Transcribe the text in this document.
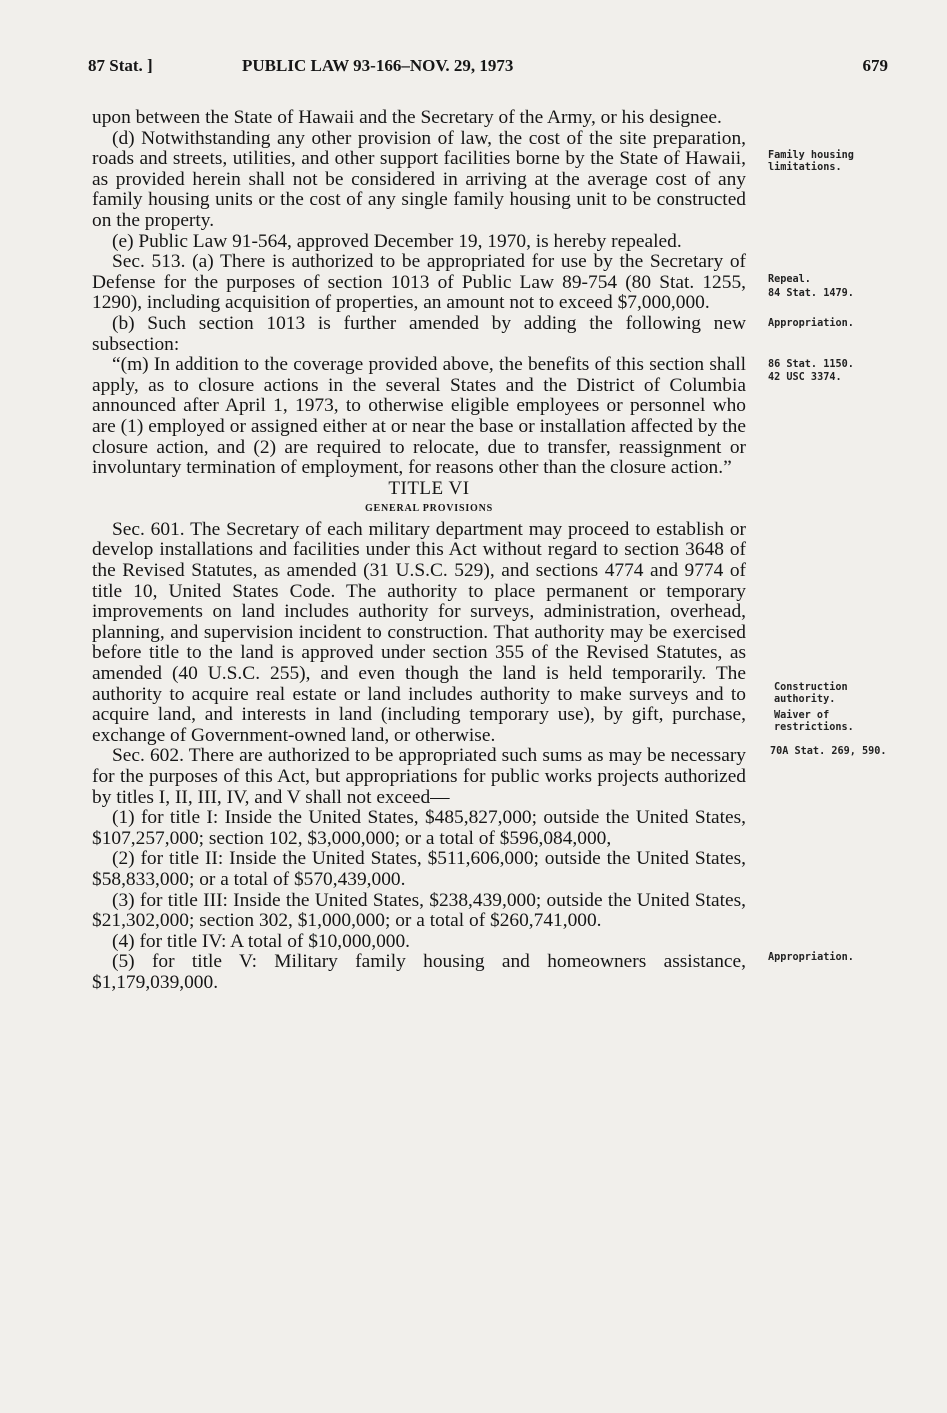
87 Stat. ]	PUBLIC LAW 93-166–NOV. 29, 1973	679

upon between the State of Hawaii and the Secretary of the Army, or his designee.

(d) Notwithstanding any other provision of law, the cost of the site preparation, roads and streets, utilities, and other support facilities borne by the State of Hawaii, as provided herein shall not be considered in arriving at the average cost of any family housing units or the cost of any single family housing unit to be constructed on the property.

(e) Public Law 91-564, approved December 19, 1970, is hereby repealed.

Sec. 513. (a) There is authorized to be appropriated for use by the Secretary of Defense for the purposes of section 1013 of Public Law 89-754 (80 Stat. 1255, 1290), including acquisition of properties, an amount not to exceed $7,000,000.

(b) Such section 1013 is further amended by adding the following new subsection:

“(m) In addition to the coverage provided above, the benefits of this section shall apply, as to closure actions in the several States and the District of Columbia announced after April 1, 1973, to otherwise eligible employees or personnel who are (1) employed or assigned either at or near the base or installation affected by the closure action, and (2) are required to relocate, due to transfer, reassignment or involuntary termination of employment, for reasons other than the closure action.”

TITLE VI

GENERAL PROVISIONS

Sec. 601. The Secretary of each military department may proceed to establish or develop installations and facilities under this Act without regard to section 3648 of the Revised Statutes, as amended (31 U.S.C. 529), and sections 4774 and 9774 of title 10, United States Code. The authority to place permanent or temporary improvements on land includes authority for surveys, administration, overhead, planning, and supervision incident to construction. That authority may be exercised before title to the land is approved under section 355 of the Revised Statutes, as amended (40 U.S.C. 255), and even though the land is held temporarily. The authority to acquire real estate or land includes authority to make surveys and to acquire land, and interests in land (including temporary use), by gift, purchase, exchange of Government-owned land, or otherwise.

Sec. 602. There are authorized to be appropriated such sums as may be necessary for the purposes of this Act, but appropriations for public works projects authorized by titles I, II, III, IV, and V shall not exceed—

(1) for title I: Inside the United States, $485,827,000; outside the United States, $107,257,000; section 102, $3,000,000; or a total of $596,084,000,

(2) for title II: Inside the United States, $511,606,000; outside the United States, $58,833,000; or a total of $570,439,000.

(3) for title III: Inside the United States, $238,439,000; outside the United States, $21,302,000; section 302, $1,000,000; or a total of $260,741,000.

(4) for title IV: A total of $10,000,000.

(5) for title V: Military family housing and homeowners assistance, $1,179,039,000.

Family housing limitations.
Repeal.
84 Stat. 1479.
Appropriation.
86 Stat. 1150.
42 USC 3374.
Construction authority.
Waiver of restrictions.
70A Stat. 269, 590.
Appropriation.
